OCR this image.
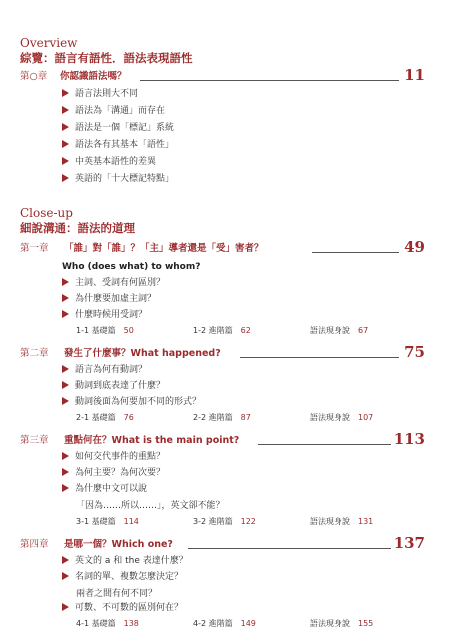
Overview
綜覽：語言有語性．語法表現語性
第○章 你認識語法嗎？	11
語言法則大不同
語法為「溝通」而存在
語法是一個「標記」系統
語法各有其基本「語性」
中英基本語性的差異
英語的「十大標記特點」
Close-up
細說溝通：語法的道理
第一章 「誰」對「誰」？「主」導者還是「受」害者？	49
Who (does what) to whom?
主詞、受詞有何區別？
為什麼要加虛主詞？
什麼時候用受詞？
1-1 基礎篇 50	1-2 進階篇 62	語法現身說 67
第二章 發生了什麼事？What happened?	75
語言為何有動詞？
動詞到底表達了什麼？
動詞後面為何要加不同的形式？
2-1 基礎篇 76	2-2 進階篇 87	語法現身說 107
第三章 重點何在？What is the main point?	113
如何交代事件的重點？
為何主要？為何次要？
為什麼中文可以說
「因為……所以……」，英文卻不能？
3-1 基礎篇 114	3-2 進階篇 122	語法現身說 131
第四章 是哪一個？Which one?	137
英文的 a 和 the 表達什麼？
名詞的單、複數怎麼決定？
兩者之間有何不同？
可數、不可數的區別何在？
4-1 基礎篇 138	4-2 進階篇 149	語法現身說 155
